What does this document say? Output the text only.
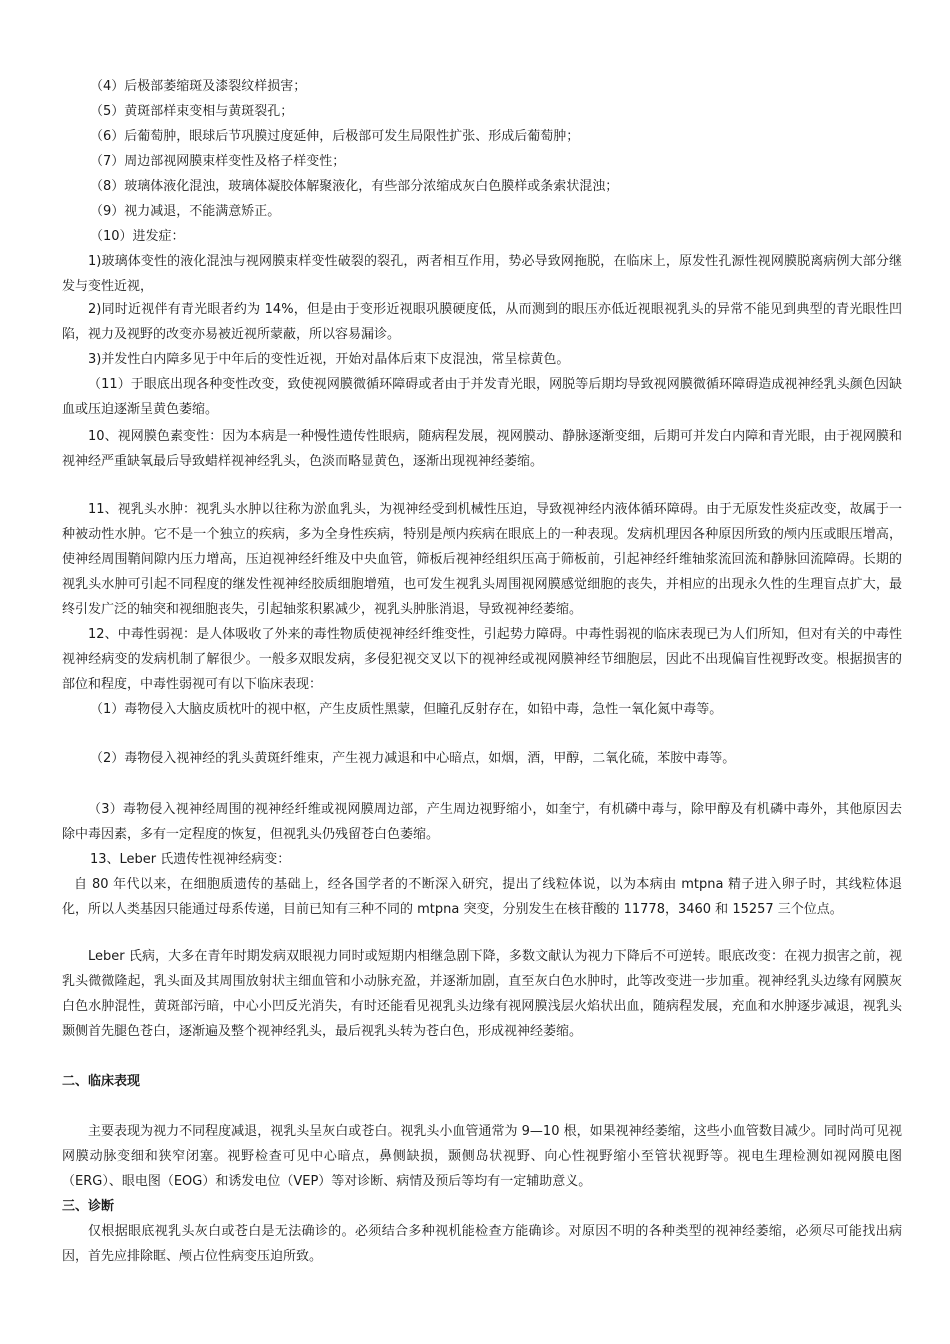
（4）后极部萎缩斑及漆裂纹样损害；

（5）黄斑部样束变相与黄斑裂孔；

（6）后葡萄肿，眼球后节巩膜过度延伸，后极部可发生局限性扩张、形成后葡萄肿；

（7）周边部视网膜束样变性及格子样变性；

（8）玻璃体液化混浊，玻璃体凝胶体解聚液化，有些部分浓缩成灰白色膜样或条索状混浊；

（9）视力减退，不能满意矫正。

（10）进发症：

1)玻璃体变性的液化混浊与视网膜束样变性破裂的裂孔，两者相互作用，势必导致网拖脱，在临床上，原发性孔源性视网膜脱离病例大部分继发与变性近视，

2)同时近视伴有青光眼者约为 14%，但是由于变形近视眼巩膜硬度低，从而测到的眼压亦低近视眼视乳头的异常不能见到典型的青光眼性凹陷，视力及视野的改变亦易被近视所蒙蔽，所以容易漏诊。

3)并发性白内障多见于中年后的变性近视，开始对晶体后束下皮混浊，常呈棕黄色。

（11）于眼底出现各种变性改变，致使视网膜微循环障碍或者由于并发青光眼，网脱等后期均导致视网膜微循环障碍造成视神经乳头颜色因缺血或压迫逐渐呈黄色萎缩。

10、视网膜色素变性：因为本病是一种慢性遗传性眼病，随病程发展，视网膜动、静脉逐渐变细，后期可并发白内障和青光眼，由于视网膜和视神经严重缺氧最后导致蜡样视神经乳头，色淡而略显黄色，逐渐出现视神经萎缩。

11、视乳头水肿：视乳头水肿以往称为淤血乳头，为视神经受到机械性压迫，导致视神经内液体循环障碍。由于无原发性炎症改变，故属于一种被动性水肿。它不是一个独立的疾病，多为全身性疾病，特别是颅内疾病在眼底上的一种表现。发病机理因各种原因所致的颅内压或眼压增高，使神经周围鞘间隙内压力增高，压迫视神经纤维及中央血管，筛板后视神经组织压高于筛板前，引起神经纤维轴浆流回流和静脉回流障碍。长期的视乳头水肿可引起不同程度的继发性视神经胶质细胞增殖，也可发生视乳头周围视网膜感觉细胞的丧失，并相应的出现永久性的生理盲点扩大，最终引发广泛的轴突和视细胞丧失，引起轴浆积累减少，视乳头肿胀消退，导致视神经萎缩。

12、中毒性弱视：是人体吸收了外来的毒性物质使视神经纤维变性，引起势力障碍。中毒性弱视的临床表现已为人们所知，但对有关的中毒性视神经病变的发病机制了解很少。一般多双眼发病，多侵犯视交叉以下的视神经或视网膜神经节细胞层，因此不出现偏盲性视野改变。根据损害的部位和程度，中毒性弱视可有以下临床表现：

（1）毒物侵入大脑皮质枕叶的视中枢，产生皮质性黑蒙，但瞳孔反射存在，如铅中毒，急性一氧化氮中毒等。

（2）毒物侵入视神经的乳头黄斑纤维束，产生视力减退和中心暗点，如烟，酒，甲醇，二氧化硫，苯胺中毒等。

（3）毒物侵入视神经周围的视神经纤维或视网膜周边部，产生周边视野缩小，如奎宁，有机磷中毒与，除甲醇及有机磷中毒外，其他原因去除中毒因素，多有一定程度的恢复，但视乳头仍残留苍白色萎缩。

13、Leber 氏遗传性视神经病变：

自 80 年代以来，在细胞质遗传的基础上，经各国学者的不断深入研究，提出了线粒体说，以为本病由 mtpna 精子进入卵子时，其线粒体退化，所以人类基因只能通过母系传递，目前已知有三种不同的 mtpna 突变，分别发生在核苷酸的 11778，3460 和 15257 三个位点。

Leber 氏病，大多在青年时期发病双眼视力同时或短期内相继急剧下降，多数文献认为视力下降后不可逆转。眼底改变：在视力损害之前，视乳头微微隆起，乳头面及其周围放射状主细血管和小动脉充盈，并逐渐加剧，直至灰白色水肿时，此等改变进一步加重。视神经乳头边缘有网膜灰白色水肿混性，黄斑部污暗，中心小凹反光消失，有时还能看见视乳头边缘有视网膜浅层火焰状出血，随病程发展，充血和水肿逐步减退，视乳头颞侧首先腿色苍白，逐渐遍及整个视神经乳头，最后视乳头转为苍白色，形成视神经萎缩。

二、临床表现

主要表现为视力不同程度减退，视乳头呈灰白或苍白。视乳头小血管通常为 9—10 根，如果视神经萎缩，这些小血管数目减少。同时尚可见视网膜动脉变细和狭窄闭塞。视野检查可见中心暗点，鼻侧缺损，颞侧岛状视野、向心性视野缩小至管状视野等。视电生理检测如视网膜电图（ERG）、眼电图（EOG）和诱发电位（VEP）等对诊断、病情及预后等均有一定辅助意义。

三、诊断

仅根据眼底视乳头灰白或苍白是无法确诊的。必须结合多种视机能检查方能确诊。对原因不明的各种类型的视神经萎缩，必须尽可能找出病因，首先应排除眶、颅占位性病变压迫所致。
